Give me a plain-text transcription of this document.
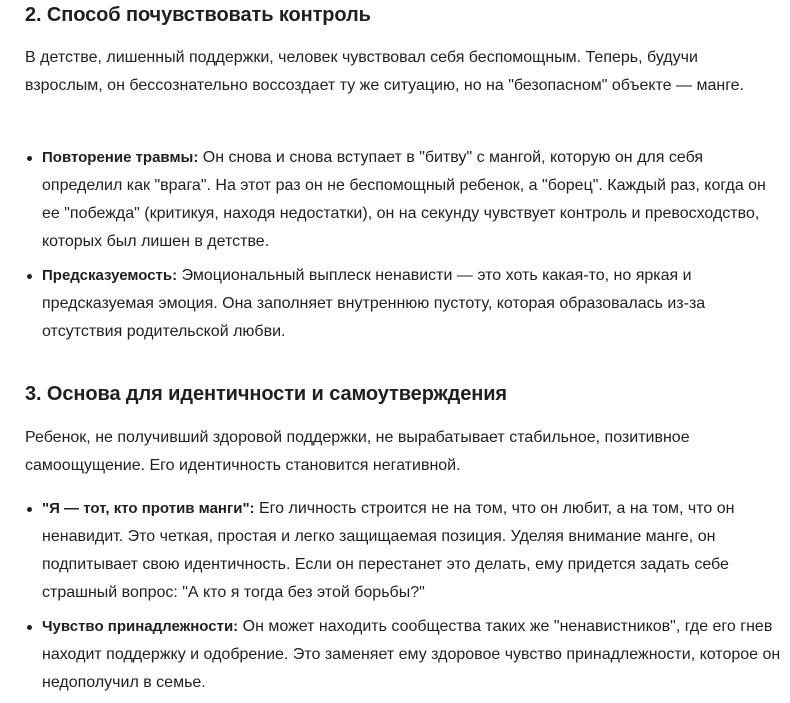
2. Способ почувствовать контроль

В детстве, лишенный поддержки, человек чувствовал себя беспомощным. Теперь, будучи взрослым, он бессознательно воссоздает ту же ситуацию, но на "безопасном" объекте — манге.

Повторение травмы: Он снова и снова вступает в "битву" с мангой, которую он для себя определил как "врага". На этот раз он не беспомощный ребенок, а "борец". Каждый раз, когда он ее "побежда" (критикуя, находя недостатки), он на секунду чувствует контроль и превосходство, которых был лишен в детстве.
Предсказуемость: Эмоциональный выплеск ненависти — это хоть какая-то, но яркая и предсказуемая эмоция. Она заполняет внутреннюю пустоту, которая образовалась из-за отсутствия родительской любви.
3. Основа для идентичности и самоутверждения

Ребенок, не получивший здоровой поддержки, не вырабатывает стабильное, позитивное самоощущение. Его идентичность становится негативной.

"Я — тот, кто против манги": Его личность строится не на том, что он любит, а на том, что он ненавидит. Это четкая, простая и легко защищаемая позиция. Уделяя внимание манге, он подпитывает свою идентичность. Если он перестанет это делать, ему придется задать себе страшный вопрос: "А кто я тогда без этой борьбы?"
Чувство принадлежности: Он может находить сообщества таких же "ненавистников", где его гнев находит поддержку и одобрение. Это заменяет ему здоровое чувство принадлежности, которое он недополучил в семье.
